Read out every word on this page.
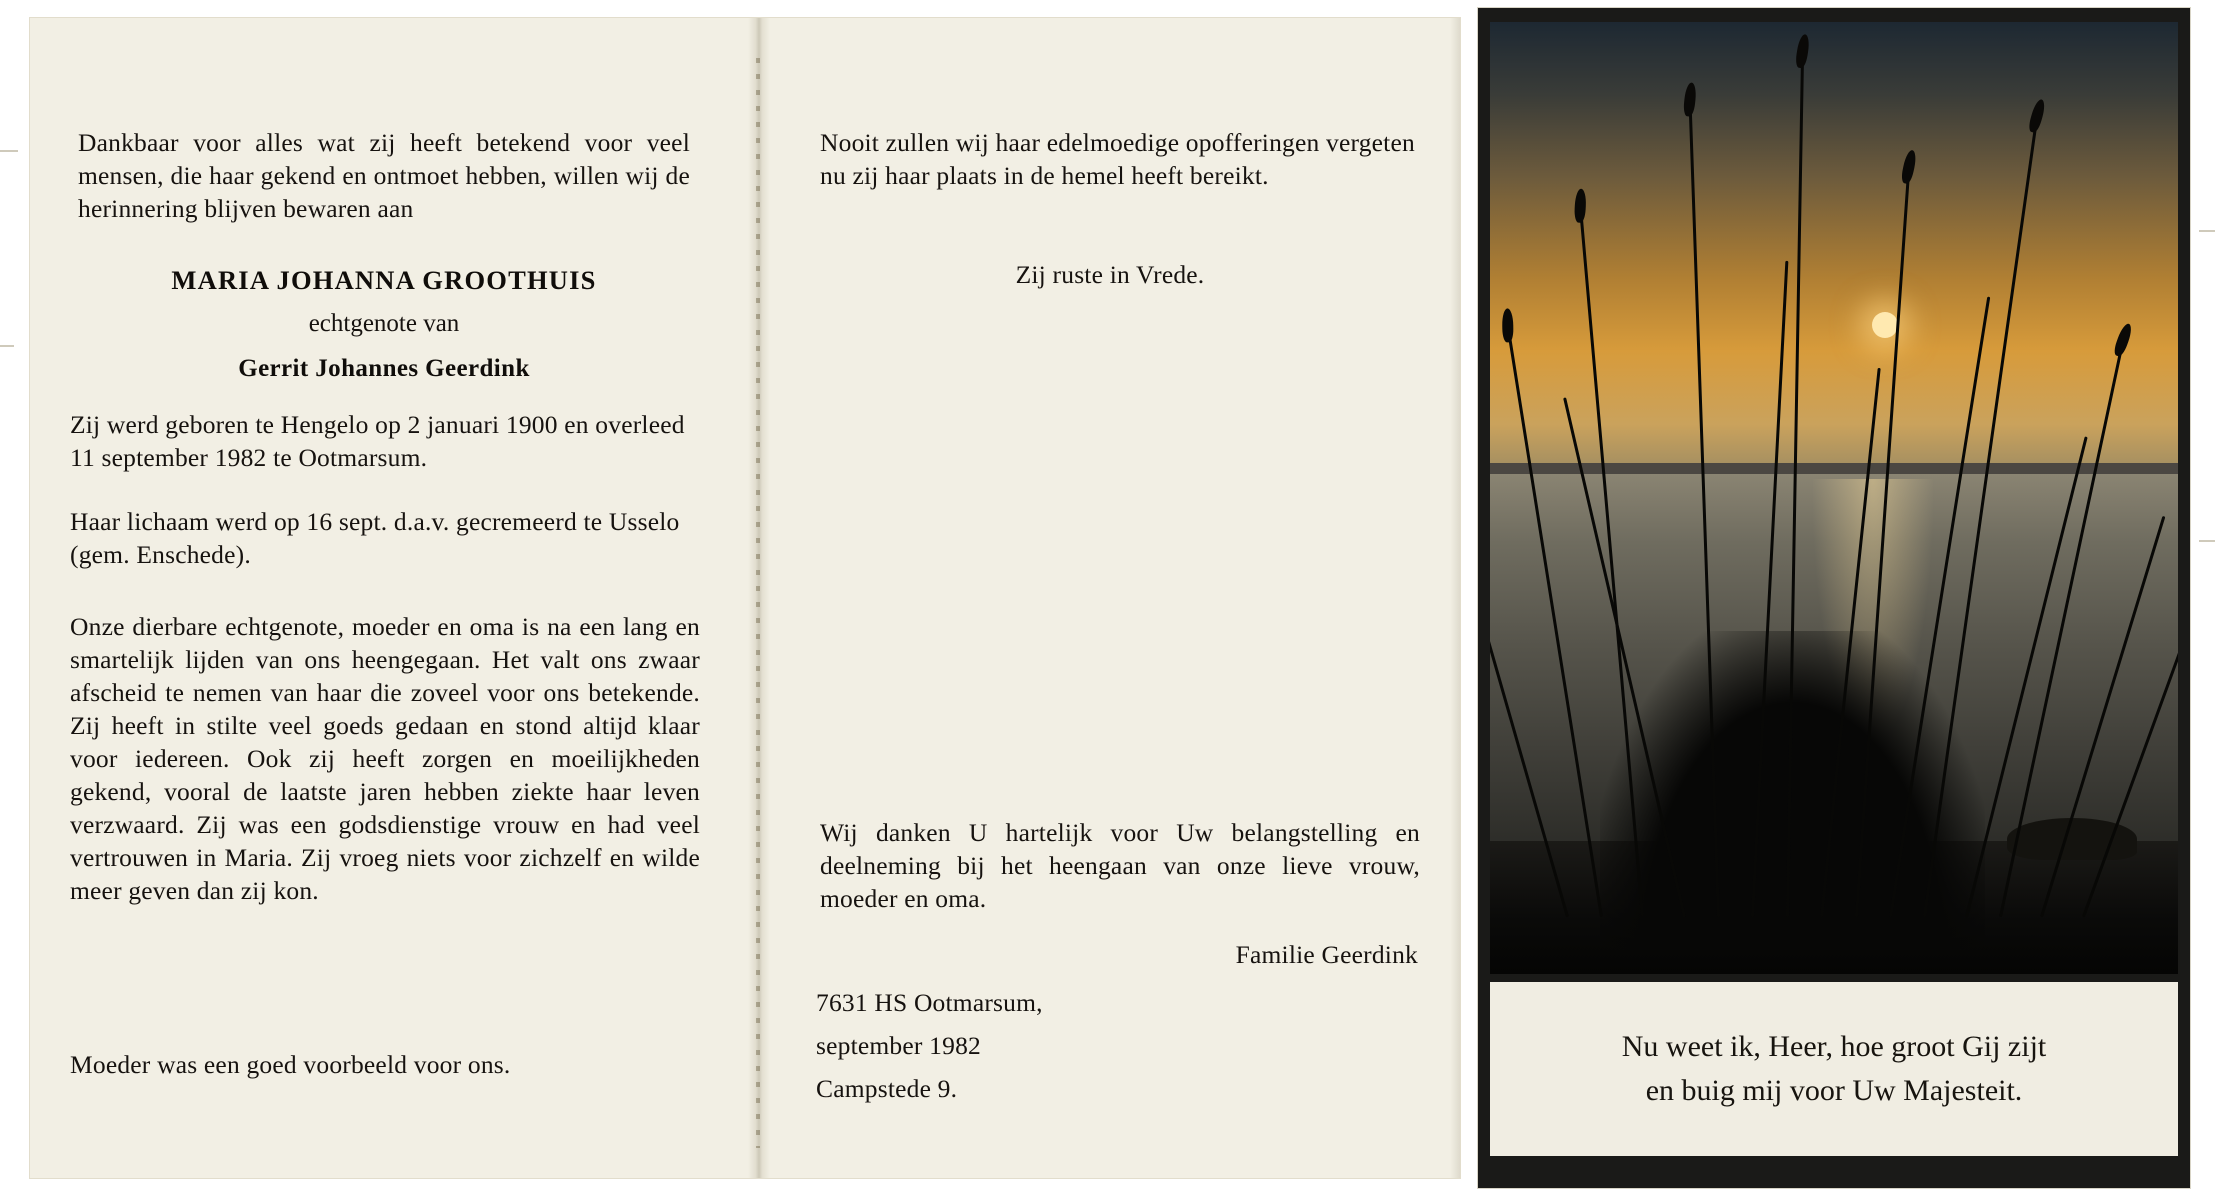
Dankbaar voor alles wat zij heeft betekend voor veel mensen, die haar gekend en ontmoet hebben, willen wij de herinnering blijven bewaren aan
MARIA JOHANNA GROOTHUIS
echtgenote van
Gerrit Johannes Geerdink
Zij werd geboren te Hengelo op 2 januari 1900 en overleed 11 september 1982 te Ootmarsum.
Haar lichaam werd op 16 sept. d.a.v. gecremeerd te Usselo (gem. Enschede).
Onze dierbare echtgenote, moeder en oma is na een lang en smartelijk lijden van ons heengegaan. Het valt ons zwaar afscheid te nemen van haar die zoveel voor ons betekende. Zij heeft in stilte veel goeds gedaan en stond altijd klaar voor iedereen. Ook zij heeft zorgen en moeilijkheden gekend, vooral de laatste jaren hebben ziekte haar leven verzwaard. Zij was een godsdienstige vrouw en had veel vertrouwen in Maria. Zij vroeg niets voor zichzelf en wilde meer geven dan zij kon.
Moeder was een goed voorbeeld voor ons.
Nooit zullen wij haar edelmoedige opofferingen vergeten nu zij haar plaats in de hemel heeft bereikt.
Zij ruste in Vrede.
Wij danken U hartelijk voor Uw belangstelling en deelneming bij het heengaan van onze lieve vrouw, moeder en oma.
Familie Geerdink
7631 HS Ootmarsum,
september 1982
Campstede 9.
Nu weet ik, Heer, hoe groot Gij zijt
en buig mij voor Uw Majesteit.
